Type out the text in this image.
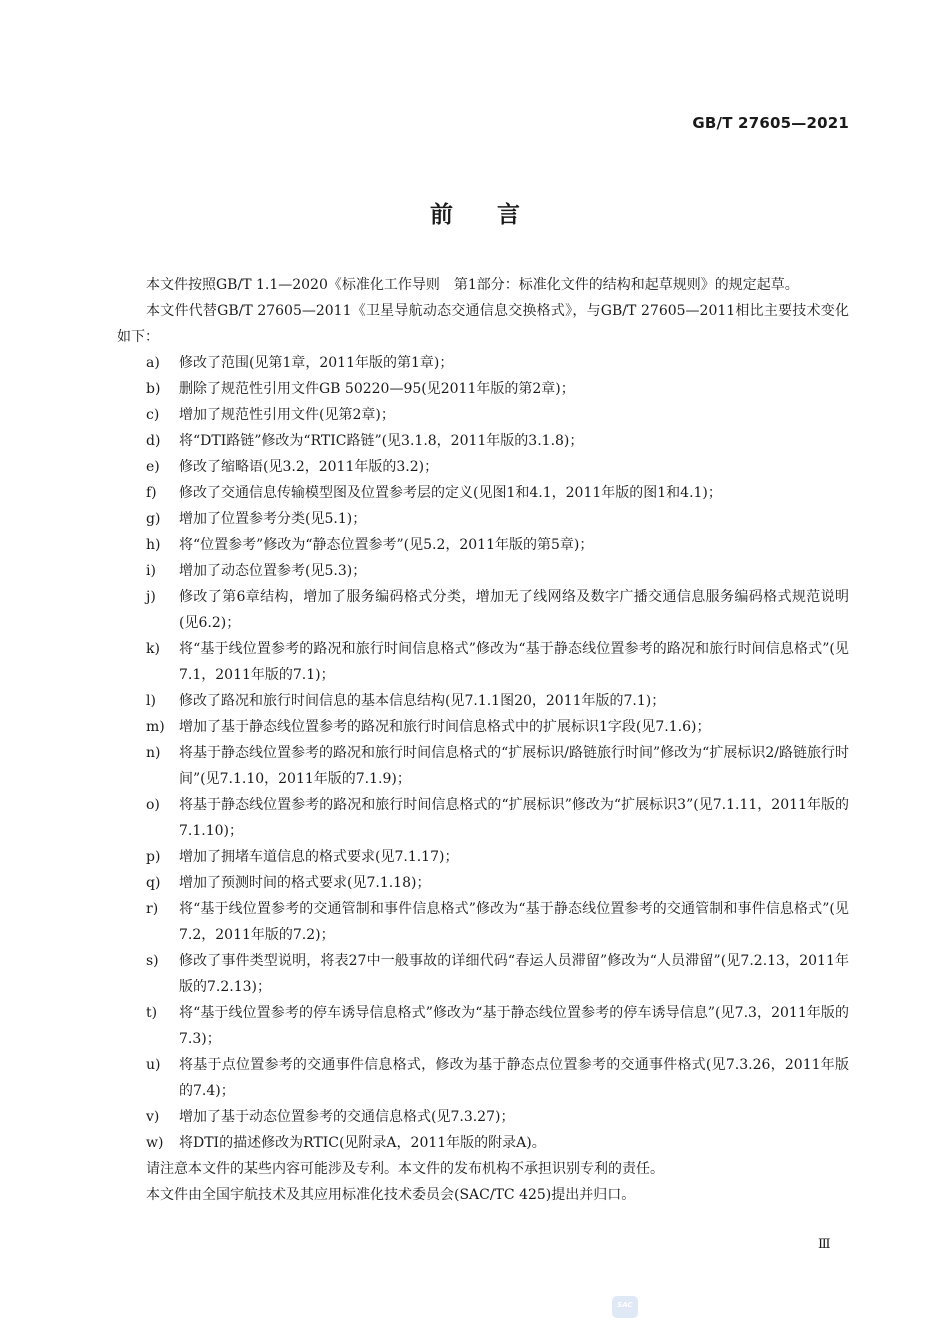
GB/T 27605—2021
前言

本文件按照GB/T 1.1—2020《标准化工作导则　第1部分：标准化文件的结构和起草规则》的规定起草。

本文件代替GB/T 27605—2011《卫星导航动态交通信息交换格式》，与GB/T 27605—2011相比主要技术变化如下：

a) 修改了范围(见第1章，2011年版的第1章)；
b) 删除了规范性引用文件GB 50220—95(见2011年版的第2章)；
c) 增加了规范性引用文件(见第2章)；
d) 将“DTI路链”修改为“RTIC路链”(见3.1.8，2011年版的3.1.8)；
e) 修改了缩略语(见3.2，2011年版的3.2)；
f) 修改了交通信息传输模型图及位置参考层的定义(见图1和4.1，2011年版的图1和4.1)；
g) 增加了位置参考分类(见5.1)；
h) 将“位置参考”修改为“静态位置参考”(见5.2，2011年版的第5章)；
i) 增加了动态位置参考(见5.3)；
j) 修改了第6章结构，增加了服务编码格式分类，增加无了线网络及数字广播交通信息服务编码格式规范说明(见6.2)；
k) 将“基于线位置参考的路况和旅行时间信息格式”修改为“基于静态线位置参考的路况和旅行时间信息格式”(见7.1，2011年版的7.1)；
l) 修改了路况和旅行时间信息的基本信息结构(见7.1.1图20，2011年版的7.1)；
m) 增加了基于静态线位置参考的路况和旅行时间信息格式中的扩展标识1字段(见7.1.6)；
n) 将基于静态线位置参考的路况和旅行时间信息格式的“扩展标识/路链旅行时间”修改为“扩展标识2/路链旅行时间”(见7.1.10，2011年版的7.1.9)；
o) 将基于静态线位置参考的路况和旅行时间信息格式的“扩展标识”修改为“扩展标识3”(见7.1.11，2011年版的7.1.10)；
p) 增加了拥堵车道信息的格式要求(见7.1.17)；
q) 增加了预测时间的格式要求(见7.1.18)；
r) 将“基于线位置参考的交通管制和事件信息格式”修改为“基于静态线位置参考的交通管制和事件信息格式”(见7.2，2011年版的7.2)；
s) 修改了事件类型说明，将表27中一般事故的详细代码“春运人员滞留”修改为“人员滞留”(见7.2.13，2011年版的7.2.13)；
t) 将“基于线位置参考的停车诱导信息格式”修改为“基于静态线位置参考的停车诱导信息”(见7.3，2011年版的7.3)；
u) 将基于点位置参考的交通事件信息格式，修改为基于静态点位置参考的交通事件格式(见7.3.26，2011年版的7.4)；
v) 增加了基于动态位置参考的交通信息格式(见7.3.27)；
w) 将DTI的描述修改为RTIC(见附录A，2011年版的附录A)。

请注意本文件的某些内容可能涉及专利。本文件的发布机构不承担识别专利的责任。

本文件由全国宇航技术及其应用标准化技术委员会(SAC/TC 425)提出并归口。

Ⅲ
SAC
